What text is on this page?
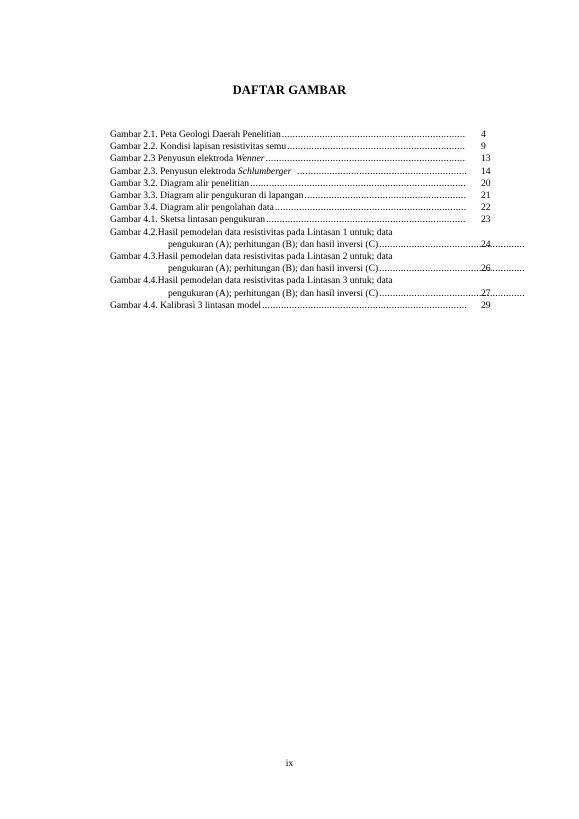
DAFTAR GAMBAR
Gambar 2.1. Peta Geologi Daerah Penelitian .....	4
Gambar 2.2. Kondisi lapisan resistivitas semu .....	9
Gambar 2.3 Penyusun elektroda Wenner .....	13
Gambar 2.3. Penyusun elektroda Schlumberger .....	14
Gambar 3.2. Diagram alir penelitian .....	20
Gambar 3.3. Diagram alir pengukuran di lapangan .....	21
Gambar 3.4. Diagram alir pengolahan data .....	22
Gambar 4.1. Sketsa lintasan pengukuran .....	23
Gambar 4.2.Hasil pemodelan data resistivitas pada Lintasan 1 untuk; data
pengukuran (A); perhitungan (B); dan hasil inversi (C) .....	24
Gambar 4.3.Hasil pemodelan data resistivitas pada Lintasan 2 untuk; data
pengukuran (A); perhitungan (B); dan hasil inversi (C) .....	26
Gambar 4.4.Hasil pemodelan data resistivitas pada Lintasan 3 untuk; data
pengukuran (A); perhitungan (B); dan hasil inversi (C) .....	27
Gambar 4.4. Kalibrasi 3 lintasan model .....	29
ix
